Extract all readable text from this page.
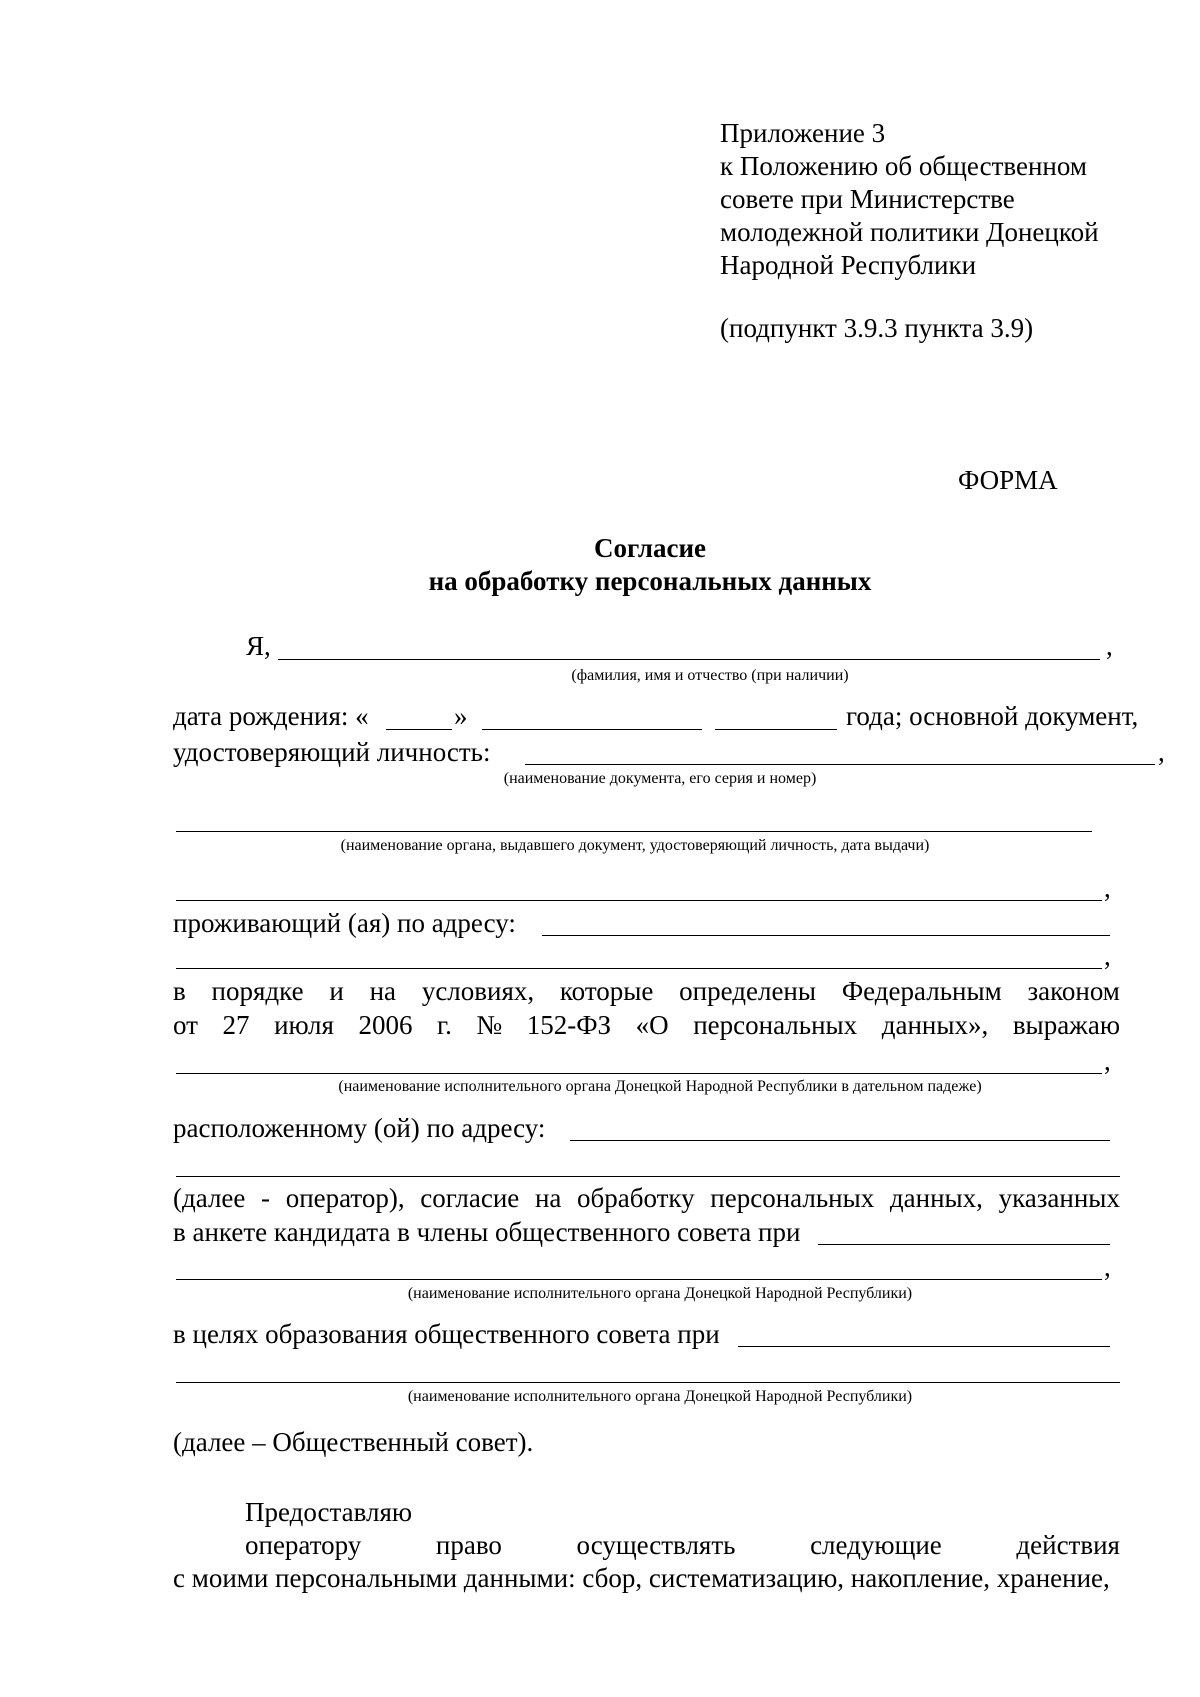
Приложение 3
к Положению об общественном
совете при Министерстве
молодежной политики Донецкой
Народной Республики
(подпункт 3.9.3 пункта 3.9)
ФОРМА
Согласие
на обработку персональных данных
Я,	,
(фамилия, имя и отчество (при наличии)
дата рождения: «	»	года; основной документ,
удостоверяющий личность:	,
(наименование документа, его серия и номер)
(наименование органа, выдавшего документ, удостоверяющий личность, дата выдачи)
,
проживающий (ая) по адресу:
,
в порядке и на условиях, которые определены Федеральным законом
от 27 июля 2006 г. № 152-ФЗ «О персональных данных», выражаю
,
(наименование исполнительного органа Донецкой Народной Республики в дательном падеже)
расположенному (ой) по адресу:
(далее - оператор), согласие на обработку персональных данных, указанных
в анкете кандидата в члены общественного совета при
,
(наименование исполнительного органа Донецкой Народной Республики)
в целях образования общественного совета при
(наименование исполнительного органа Донецкой Народной Республики)
(далее – Общественный совет).
Предоставляю
оператору	право	осуществлять	следующие	действия
с моими персональными данными: сбор, систематизацию, накопление, хранение,
